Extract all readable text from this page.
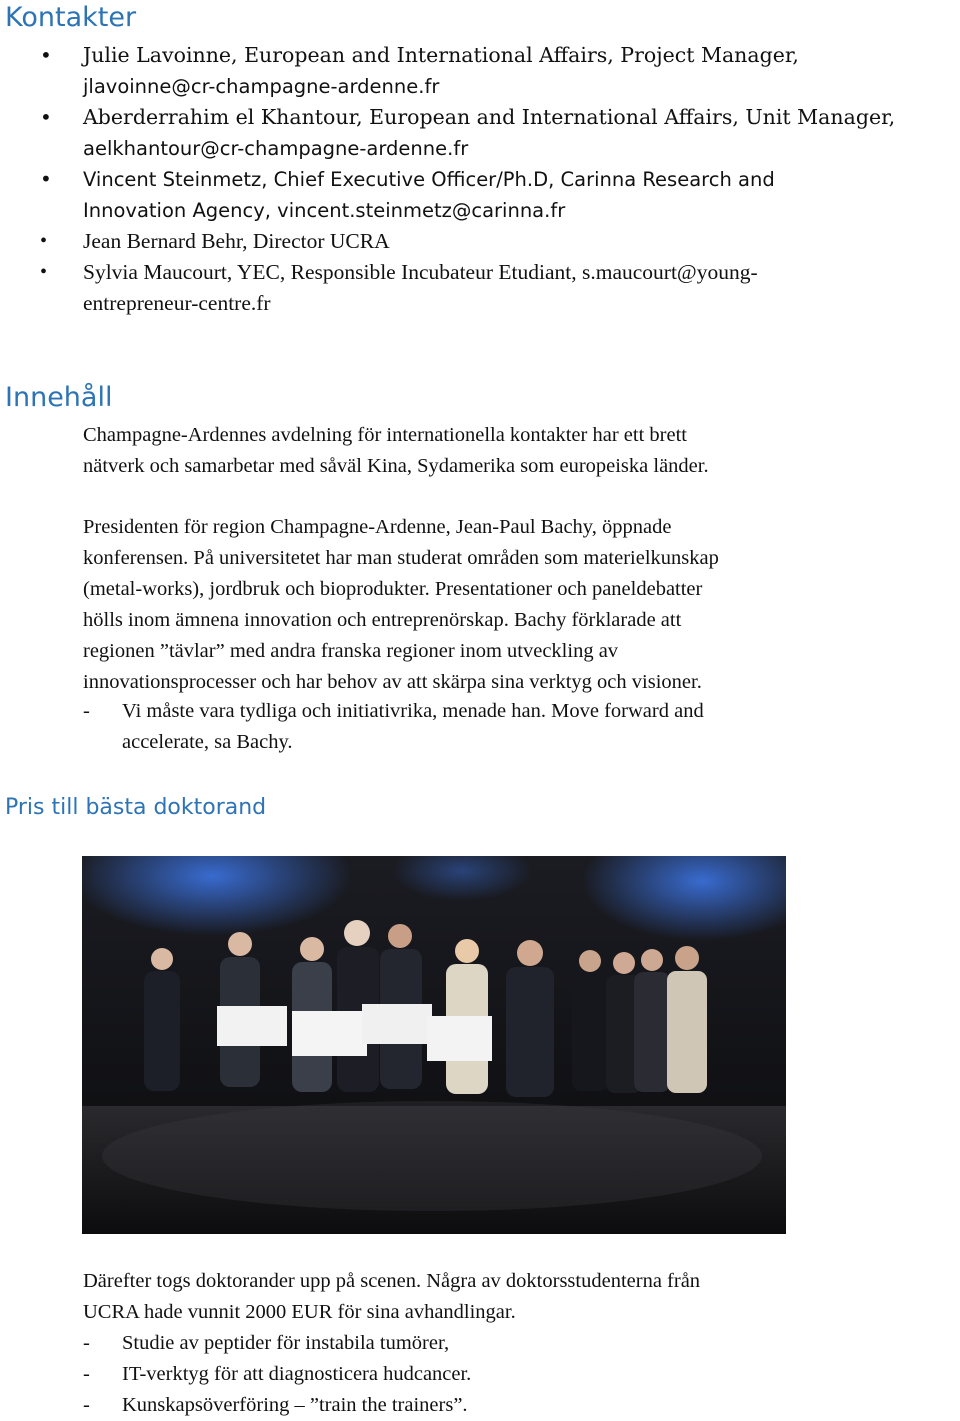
Kontakter
• Julie Lavoinne, European and International Affairs, Project Manager,
jlavoinne@cr-champagne-ardenne.fr
• Aberderrahim el Khantour, European and International Affairs, Unit Manager,
aelkhantour@cr-champagne-ardenne.fr
• Vincent Steinmetz, Chief Executive Officer/Ph.D, Carinna Research and
Innovation Agency, vincent.steinmetz@carinna.fr
• Jean Bernard Behr, Director UCRA
• Sylvia Maucourt, YEC, Responsible Incubateur Etudiant, s.maucourt@young-
entrepreneur-centre.fr
Innehåll

Champagne-Ardennes avdelning för internationella kontakter har ett brett
nätverk och samarbetar med såväl Kina, Sydamerika som europeiska länder.

Presidenten för region Champagne-Ardenne, Jean-Paul Bachy, öppnade
konferensen. På universitetet har man studerat områden som materielkunskap
(metal-works), jordbruk och bioprodukter. Presentationer och paneldebatter
hölls inom ämnena innovation och entreprenörskap. Bachy förklarade att
regionen ”tävlar” med andra franska regioner inom utveckling av
innovationsprocesser och har behov av att skärpa sina verktyg och visioner.

- Vi måste vara tydliga och initiativrika, menade han. Move forward and
accelerate, sa Bachy.
Pris till bästa doktorand

Därefter togs doktorander upp på scenen. Några av doktorsstudenterna från
UCRA hade vunnit 2000 EUR för sina avhandlingar.

- Studie av peptider för instabila tumörer,
- IT-verktyg för att diagnosticera hudcancer.
- Kunskapsöverföring – ”train the trainers”.
